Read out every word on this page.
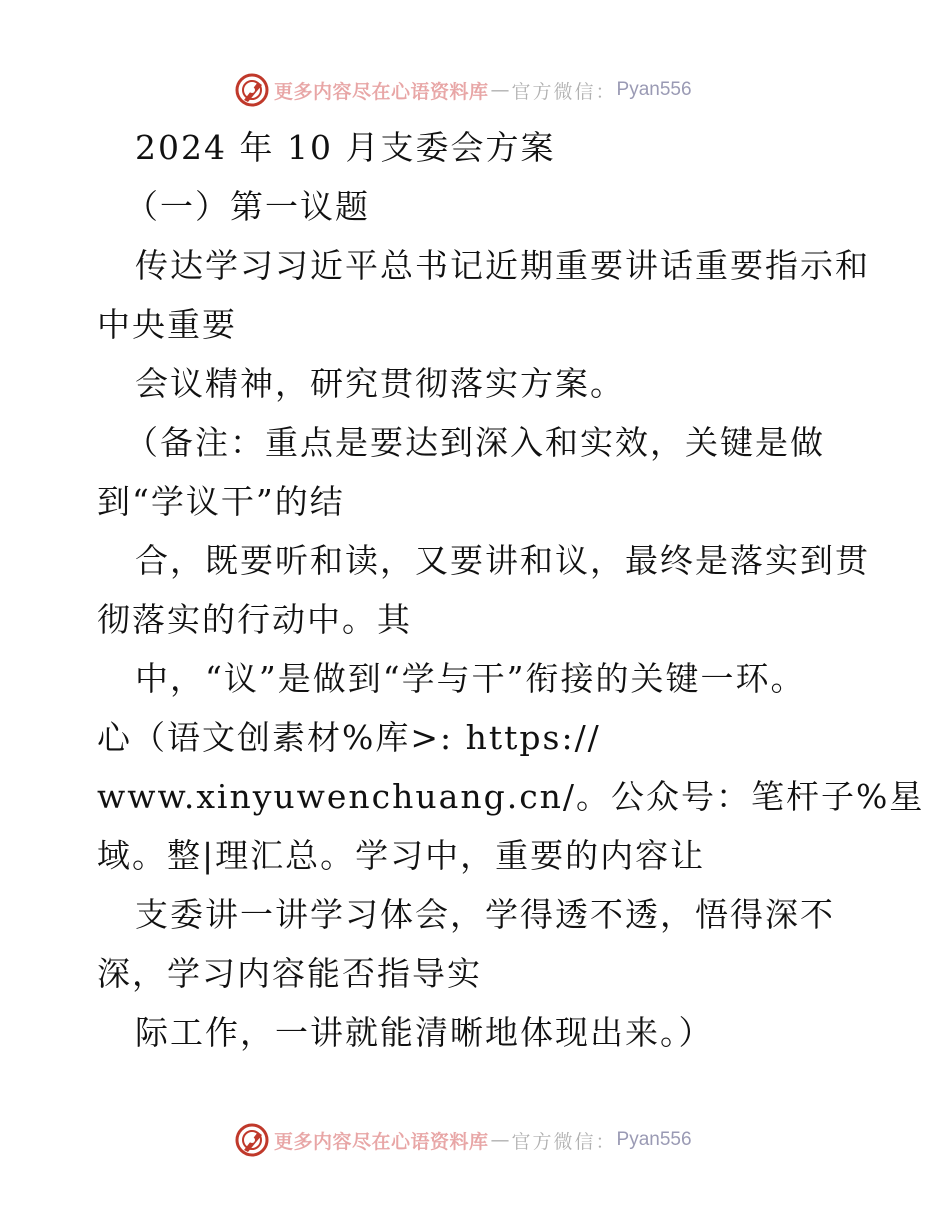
更多内容尽在心语资料库 — 官方微信： Pyan556
2024 年 10 月支委会方案
（一）第一议题
传达学习习近平总书记近期重要讲话重要指示和
中央重要
会议精神，研究贯彻落实方案。
（备注：重点是要达到深入和实效，关键是做
到“学议干”的结
合，既要听和读，又要讲和议，最终是落实到贯
彻落实的行动中。其
中，“议”是做到“学与干”衔接的关键一环。
心（语文创素材%库>: https://
www.xinyuwenchuang.cn/。公众号：笔杆子%星
域。整|理汇总。学习中，重要的内容让
支委讲一讲学习体会，学得透不透，悟得深不
深，学习内容能否指导实
际工作，一讲就能清晰地体现出来。）
更多内容尽在心语资料库 — 官方微信： Pyan556
